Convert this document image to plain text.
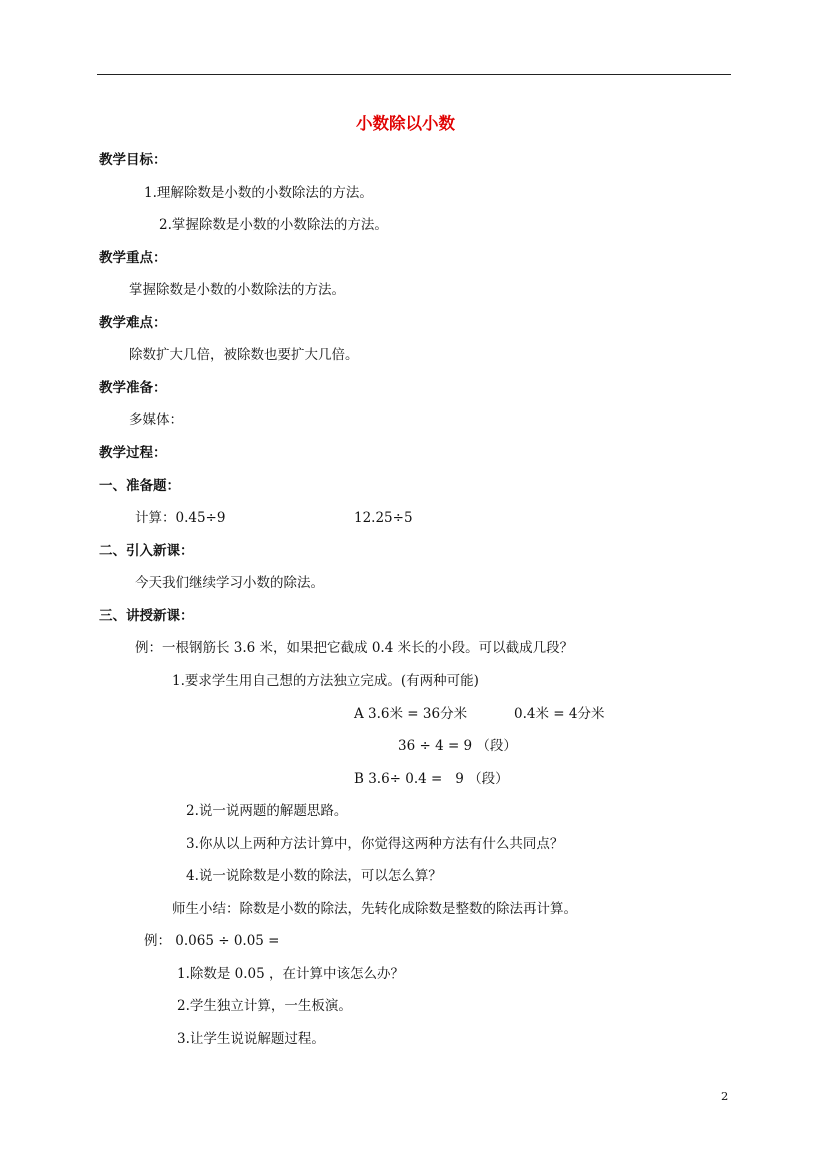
小数除以小数
教学目标：
1.理解除数是小数的小数除法的方法。
2.掌握除数是小数的小数除法的方法。
教学重点：
掌握除数是小数的小数除法的方法。
教学难点：
除数扩大几倍，被除数也要扩大几倍。
教学准备：
多媒体：
教学过程：
一、准备题：
计算：0.45÷9	12.25÷5
二、引入新课：
今天我们继续学习小数的除法。
三、讲授新课：
例：一根钢筋长 3.6 米，如果把它截成 0.4 米长的小段。可以截成几段？
1.要求学生用自己想的方法独立完成。(有两种可能)
A 3.6米 = 36分米	0.4米 = 4分米
36 ÷ 4 = 9 （段）
B 3.6÷ 0.4 =   9 （段）
2.说一说两题的解题思路。
3.你从以上两种方法计算中，你觉得这两种方法有什么共同点？
4.说一说除数是小数的除法，可以怎么算？
师生小结：除数是小数的除法，先转化成除数是整数的除法再计算。
例： 0.065 ÷ 0.05 =
1.除数是 0.05 ，在计算中该怎么办？
2.学生独立计算，一生板演。
3.让学生说说解题过程。
2
